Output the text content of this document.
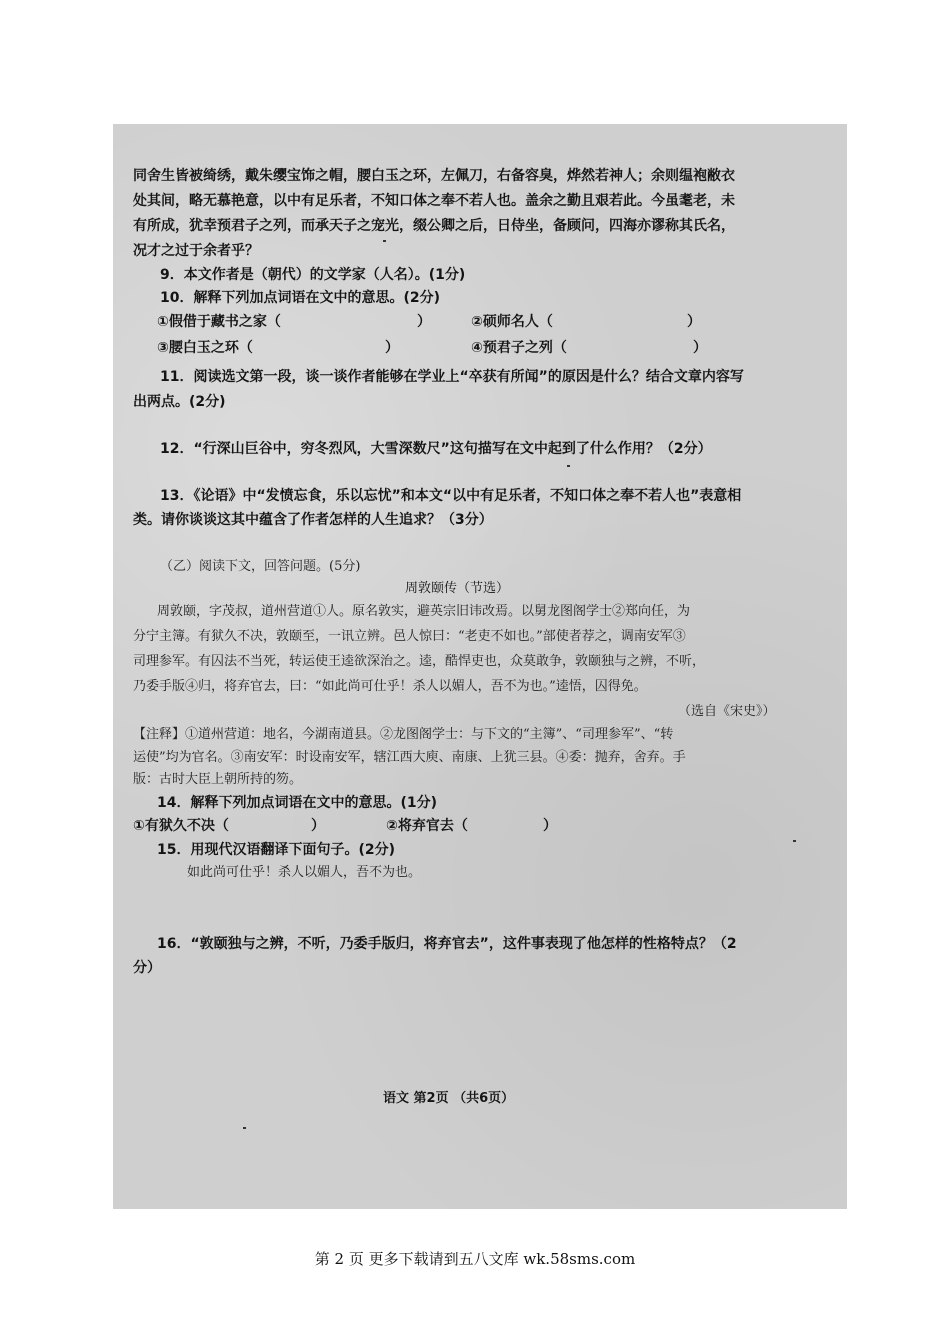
同舍生皆被绮绣，戴朱缨宝饰之帽，腰白玉之环，左佩刀，右备容臭，烨然若神人；余则缊袍敝衣
处其间，略无慕艳意，以中有足乐者，不知口体之奉不若人也。盖余之勤且艰若此。今虽耄老，未
有所成，犹幸预君子之列，而承天子之宠光，缀公卿之后，日侍坐，备顾问，四海亦谬称其氏名，
况才之过于余者乎？
9．本文作者是（朝代）的文学家（人名）。(1分)
10．解释下列加点词语在文中的意思。(2分)
①假借于藏书之家（	）	②硕师名人（	）
③腰白玉之环（	）	④预君子之列（	）
11．阅读选文第一段，谈一谈作者能够在学业上“卒获有所闻”的原因是什么？结合文章内容写
出两点。(2分)
12．“行深山巨谷中，穷冬烈风，大雪深数尺”这句描写在文中起到了什么作用？（2分）
13．《论语》中“发愤忘食，乐以忘忧”和本文“以中有足乐者，不知口体之奉不若人也”表意相
类。请你谈谈这其中蕴含了作者怎样的人生追求？（3分）
（乙）阅读下文，回答问题。(5分)
周敦颐传（节选）
周敦颐，字茂叔，道州营道①人。原名敦实，避英宗旧讳改焉。以舅龙图阁学士②郑向任，为
分宁主簿。有狱久不决，敦颐至，一讯立辨。邑人惊曰：“老吏不如也。”部使者荐之，调南安军③
司理参军。有囚法不当死，转运使王逵欲深治之。逵，酷悍吏也，众莫敢争，敦颐独与之辨，不听，
乃委手版④归，将弃官去，曰：“如此尚可仕乎！杀人以媚人，吾不为也。”逵悟，囚得免。
（选自《宋史》）
【注释】①道州营道：地名，今湖南道县。②龙图阁学士：与下文的“主簿”、“司理参军”、“转
运使”均为官名。③南安军：时设南安军，辖江西大庾、南康、上犹三县。④委：抛弃，舍弃。手
版：古时大臣上朝所持的笏。
14．解释下列加点词语在文中的意思。(1分)
①有狱久不决（	）	②将弃官去（	）
15．用现代汉语翻译下面句子。(2分)
如此尚可仕乎！杀人以媚人，吾不为也。
16．“敦颐独与之辨，不听，乃委手版归，将弃官去”，这件事表现了他怎样的性格特点？（2
分）
语文 第2页 （共6页）
第 2 页 更多下载请到五八文库 wk.58sms.com
